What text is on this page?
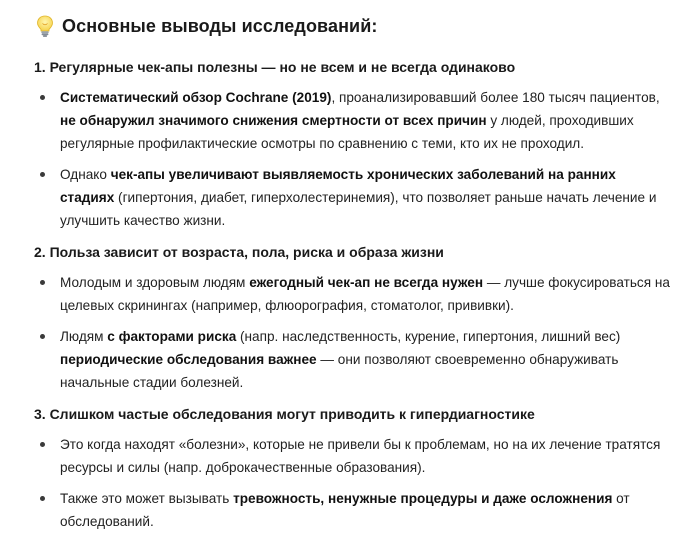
Основные выводы исследований:
1. Регулярные чек-апы полезны — но не всем и не всегда одинаково
Систематический обзор Cochrane (2019), проанализировавший более 180 тысяч пациентов, не обнаружил значимого снижения смертности от всех причин у людей, проходивших регулярные профилактические осмотры по сравнению с теми, кто их не проходил.
Однако чек-апы увеличивают выявляемость хронических заболеваний на ранних стадиях (гипертония, диабет, гиперхолестеринемия), что позволяет раньше начать лечение и улучшить качество жизни.
2. Польза зависит от возраста, пола, риска и образа жизни
Молодым и здоровым людям ежегодный чек-ап не всегда нужен — лучше фокусироваться на целевых скринингах (например, флюорография, стоматолог, прививки).
Людям с факторами риска (напр. наследственность, курение, гипертония, лишний вес) периодические обследования важнее — они позволяют своевременно обнаруживать начальные стадии болезней.
3. Слишком частые обследования могут приводить к гипердиагностике
Это когда находят «болезни», которые не привели бы к проблемам, но на их лечение тратятся ресурсы и силы (напр. доброкачественные образования).
Также это может вызывать тревожность, ненужные процедуры и даже осложнения от обследований.
